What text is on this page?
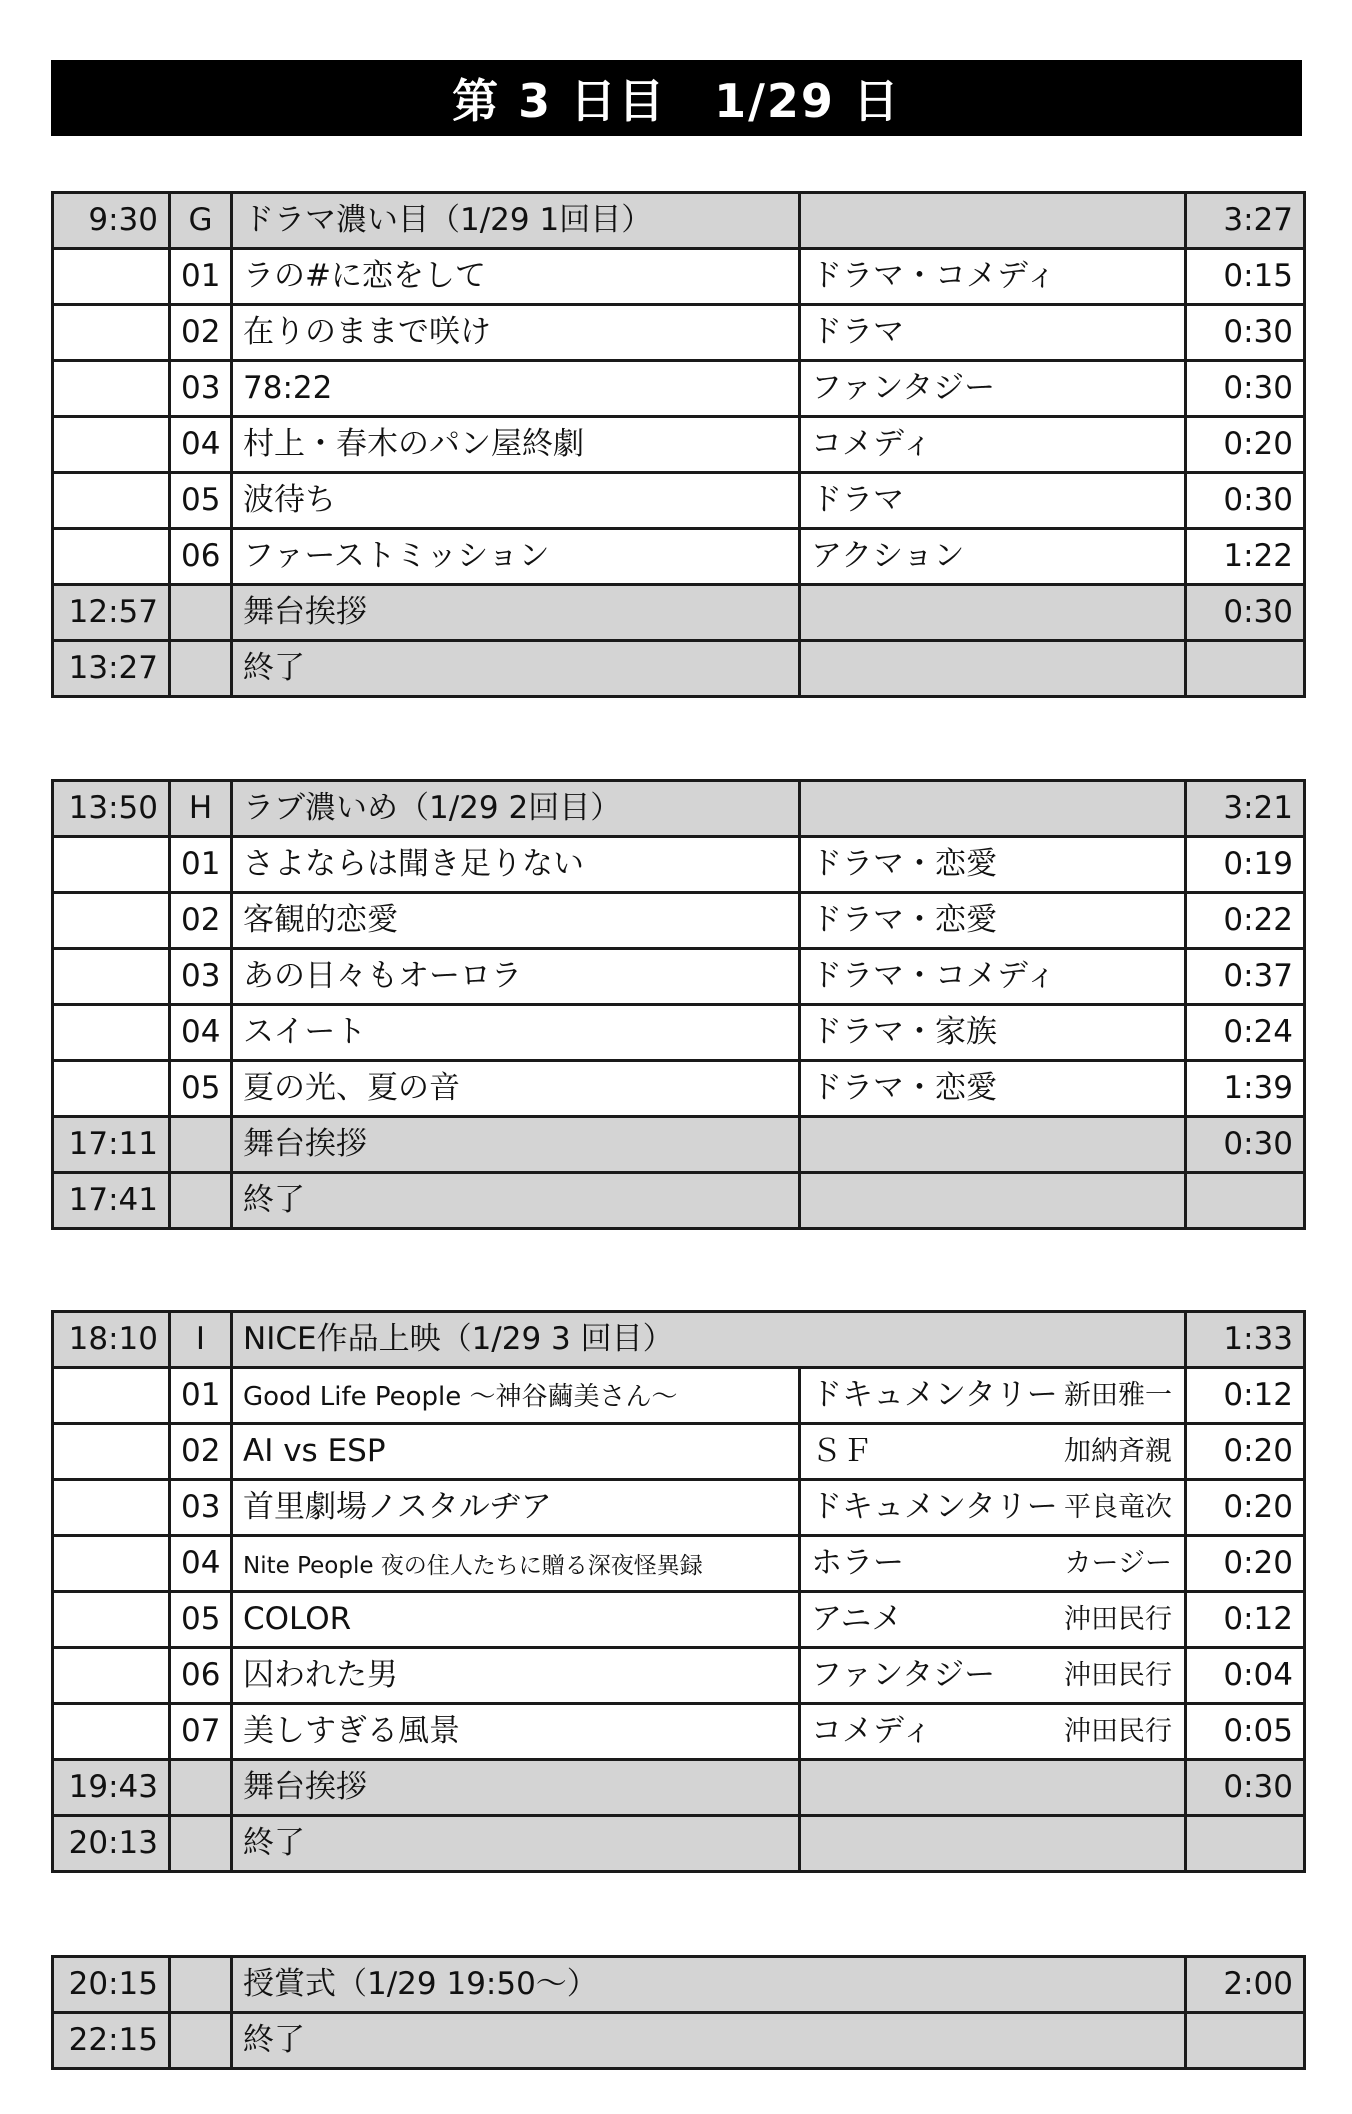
第 3 日目　1/29 日
9:30	G	ドラマ濃い目（1/29 1回目）		3:27
	01	ラの#に恋をして	ドラマ・コメディ	0:15
	02	在りのままで咲け	ドラマ	0:30
	03	78:22	ファンタジー	0:30
	04	村上・春木のパン屋終劇	コメディ	0:20
	05	波待ち	ドラマ	0:30
	06	ファーストミッション	アクション	1:22
12:57		舞台挨拶		0:30
13:27		終了		
13:50	H	ラブ濃いめ（1/29 2回目）		3:21
	01	さよならは聞き足りない	ドラマ・恋愛	0:19
	02	客観的恋愛	ドラマ・恋愛	0:22
	03	あの日々もオーロラ	ドラマ・コメディ	0:37
	04	スイート	ドラマ・家族	0:24
	05	夏の光、夏の音	ドラマ・恋愛	1:39
17:11		舞台挨拶		0:30
17:41		終了		
18:10	I	NICE作品上映（1/29 3 回目）		1:33
	01	Good Life People ～神谷繭美さん～	ドキュメンタリー 新田雅一	0:12
	02	AI vs ESP	ＳＦ 加納斉親	0:20
	03	首里劇場ノスタルヂア	ドキュメンタリー 平良竜次	0:20
	04	Nite People 夜の住人たちに贈る深夜怪異録	ホラー カージー	0:20
	05	COLOR	アニメ 沖田民行	0:12
	06	囚われた男	ファンタジー 沖田民行	0:04
	07	美しすぎる風景	コメディ 沖田民行	0:05
19:43		舞台挨拶		0:30
20:13		終了		
20:15		授賞式（1/29 19:50～）	2:00
22:15		終了	
